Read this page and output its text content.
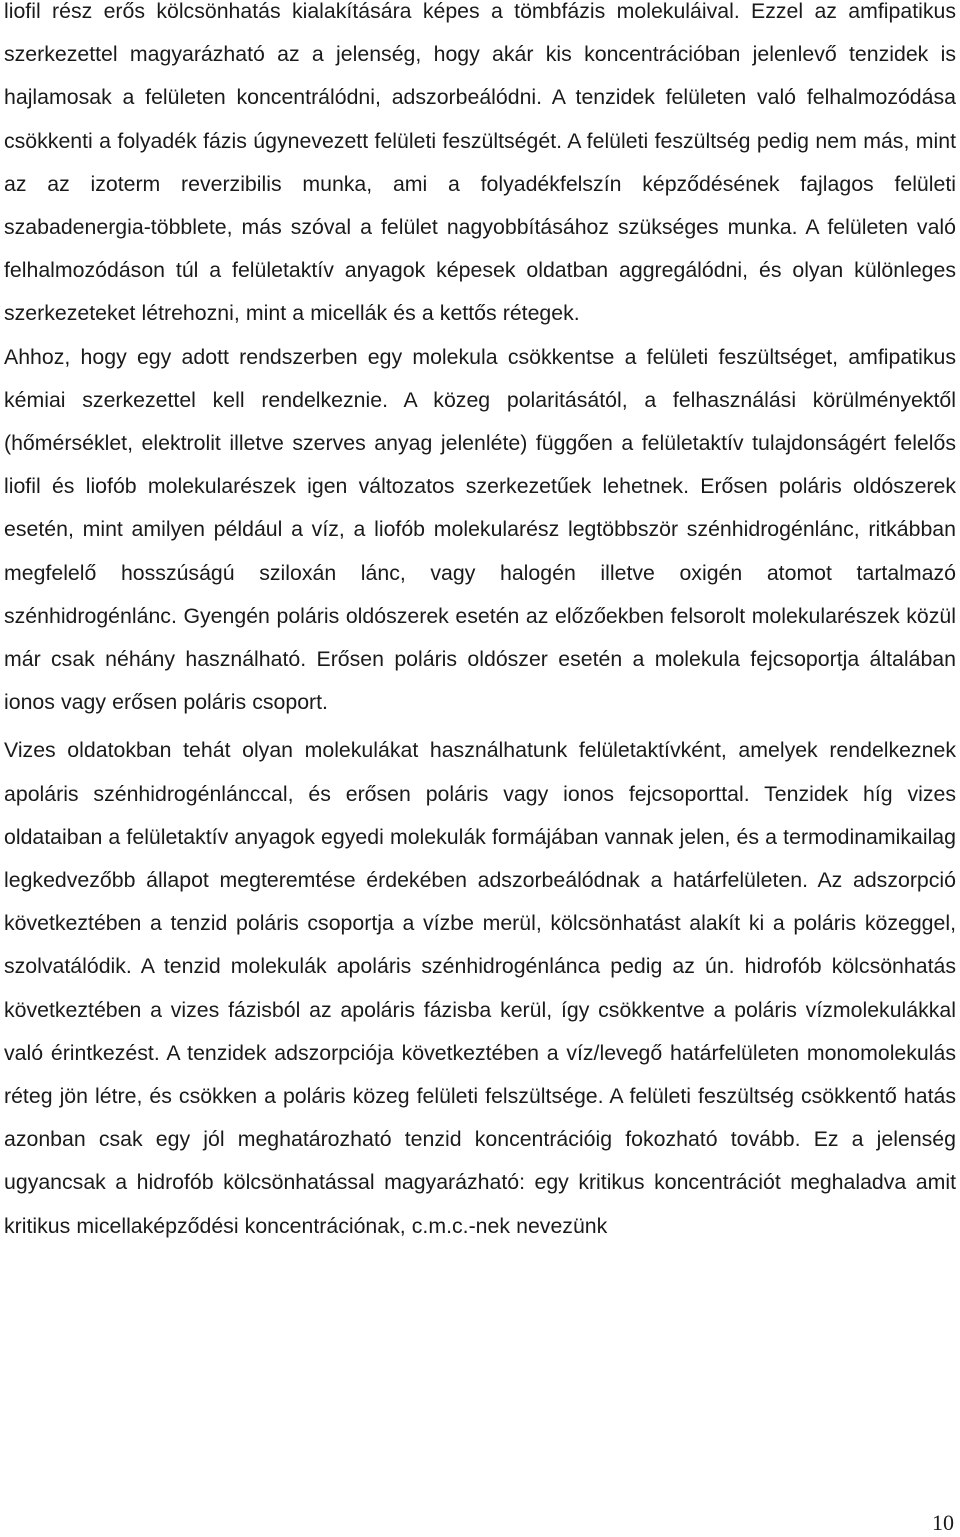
liofil rész erős kölcsönhatás kialakítására képes a tömbfázis molekuláival. Ezzel az amfipatikus szerkezettel magyarázható az a jelenség, hogy akár kis koncentrációban jelenlevő tenzidek is hajlamosak a felületen koncentrálódni, adszorbeálódni. A tenzidek felületen való felhalmozódása csökkenti a folyadék fázis úgynevezett felületi feszültségét. A felületi feszültség pedig nem más, mint az az izoterm reverzibilis munka, ami a folyadékfelszín képződésének fajlagos felületi szabadenergia-többlete, más szóval a felület nagyobbításához szükséges munka. A felületen való felhalmozódáson túl a felületaktív anyagok képesek oldatban aggregálódni, és olyan különleges szerkezeteket létrehozni, mint a micellák és a kettős rétegek.

Ahhoz, hogy egy adott rendszerben egy molekula csökkentse a felületi feszültséget, amfipatikus kémiai szerkezettel kell rendelkeznie. A közeg polaritásától, a felhasználási körülményektől (hőmérséklet, elektrolit illetve szerves anyag jelenléte) függően a felületaktív tulajdonságért felelős liofil és liofób molekularészek igen változatos szerkezetűek lehetnek. Erősen poláris oldószerek esetén, mint amilyen például a víz, a liofób molekularész legtöbbször szénhidrogénlánc, ritkábban megfelelő hosszúságú sziloxán lánc, vagy halogén illetve oxigén atomot tartalmazó szénhidrogénlánc. Gyengén poláris oldószerek esetén az előzőekben felsorolt molekularészek közül már csak néhány használható. Erősen poláris oldószer esetén a molekula fejcsoportja általában ionos vagy erősen poláris csoport.

Vizes oldatokban tehát olyan molekulákat használhatunk felületaktívként, amelyek rendelkeznek apoláris szénhidrogénlánccal, és erősen poláris vagy ionos fejcsoporttal. Tenzidek híg vizes oldataiban a felületaktív anyagok egyedi molekulák formájában vannak jelen, és a termodinamikailag legkedvezőbb állapot megteremtése érdekében adszorbeálódnak a határfelületen. Az adszorpció következtében a tenzid poláris csoportja a vízbe merül, kölcsönhatást alakít ki a poláris közeggel, szolvatálódik. A tenzid molekulák apoláris szénhidrogénlánca pedig az ún. hidrofób kölcsönhatás következtében a vizes fázisból az apoláris fázisba kerül, így csökkentve a poláris vízmolekulákkal való érintkezést. A tenzidek adszorpciója következtében a víz/levegő határfelületen monomolekulás réteg jön létre, és csökken a poláris közeg felületi felszültsége. A felületi feszültség csökkentő hatás azonban csak egy jól meghatározható tenzid koncentrációig fokozható tovább. Ez a jelenség ugyancsak a hidrofób kölcsönhatással magyarázható: egy kritikus koncentrációt meghaladva amit kritikus micellaképződési koncentrációnak, c.m.c.-nek nevezünk

10
